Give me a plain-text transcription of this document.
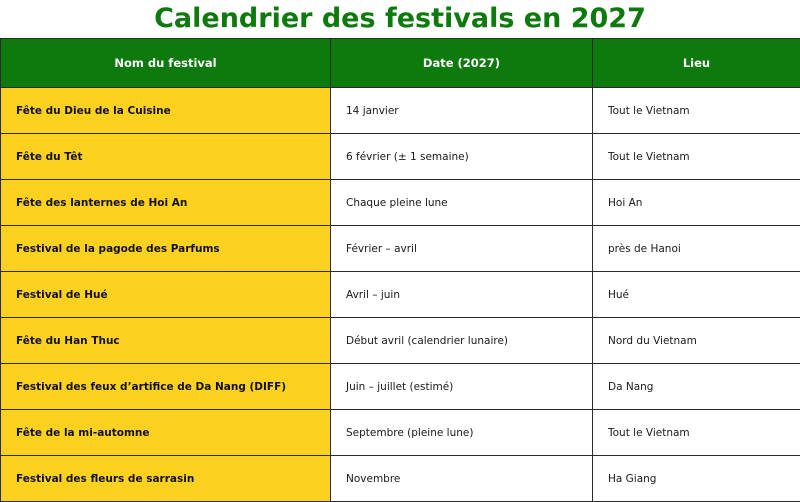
Calendrier des festivals en 2027
Nom du festival	Date (2027)	Lieu
Fête du Dieu de la Cuisine	14 janvier	Tout le Vietnam
Fête du Têt	6 février (± 1 semaine)	Tout le Vietnam
Fête des lanternes de Hoi An	Chaque pleine lune	Hoi An
Festival de la pagode des Parfums	Février – avril	près de Hanoi
Festival de Hué	Avril – juin	Hué
Fête du Han Thuc	Début avril (calendrier lunaire)	Nord du Vietnam
Festival des feux d’artifice de Da Nang (DIFF)	Juin – juillet (estimé)	Da Nang
Fête de la mi-automne	Septembre (pleine lune)	Tout le Vietnam
Festival des fleurs de sarrasin	Novembre	Ha Giang
